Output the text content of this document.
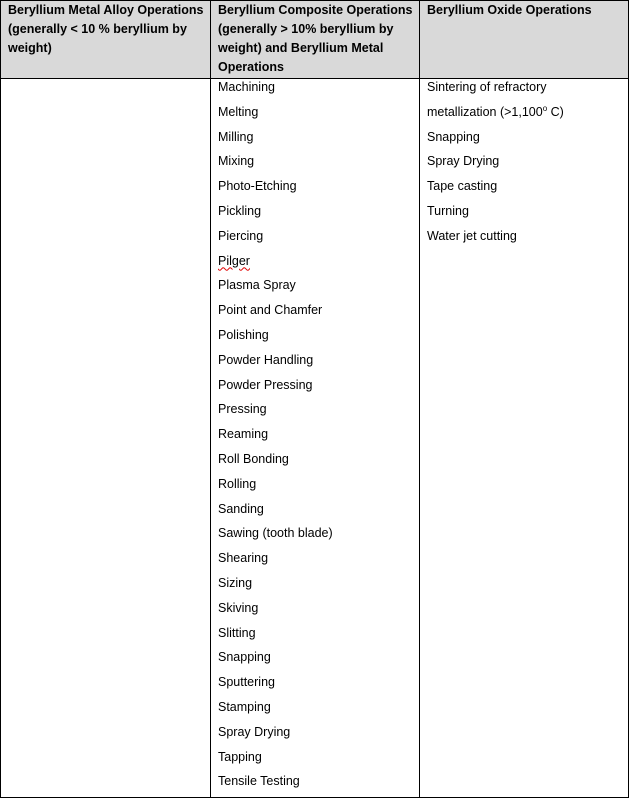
Beryllium Metal Alloy Operations (generally < 10 % beryllium by weight)
Beryllium Composite Operations (generally > 10% beryllium by weight) and Beryllium Metal Operations
Machining
Melting
Milling
Mixing
Photo-Etching
Pickling
Piercing
Pilger
Plasma Spray
Point and Chamfer
Polishing
Powder Handling
Powder Pressing
Pressing
Reaming
Roll Bonding
Rolling
Sanding
Sawing (tooth blade)
Shearing
Sizing
Skiving
Slitting
Snapping
Sputtering
Stamping
Spray Drying
Tapping
Tensile Testing
Beryllium Oxide Operations
Sintering of refractory
metallization ($>1,100^o$ C)
Snapping
Spray Drying
Tape casting
Turning
Water jet cutting
